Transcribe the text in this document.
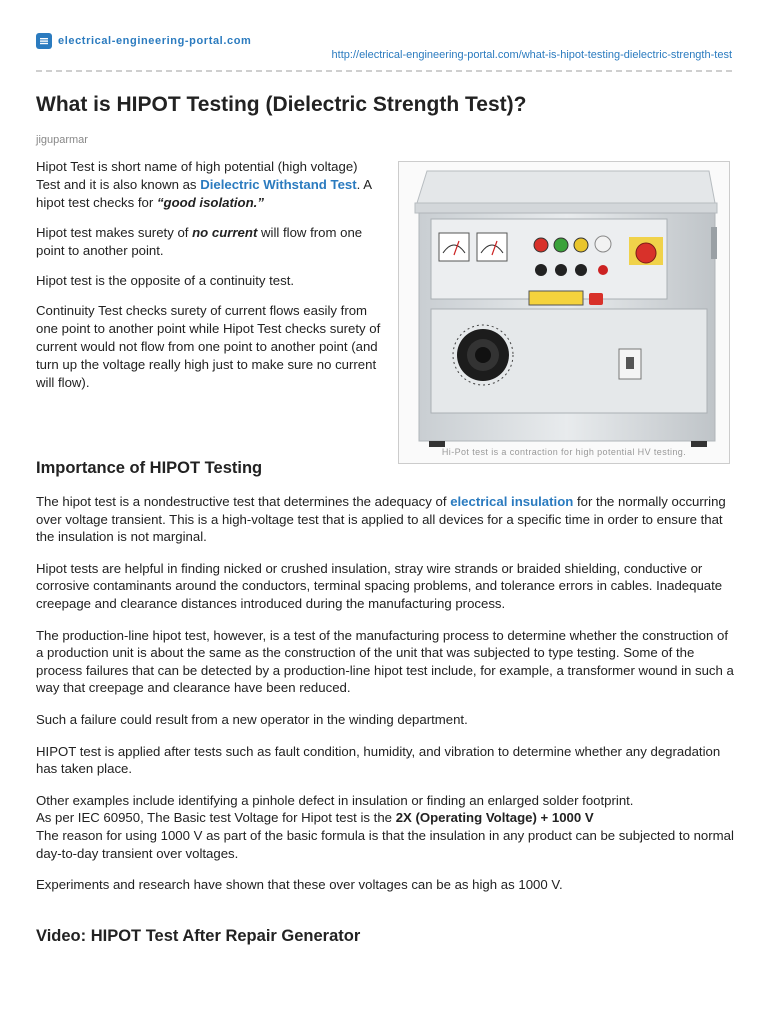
electrical-engineering-portal.com
http://electrical-engineering-portal.com/what-is-hipot-testing-dielectric-strength-test
What is HIPOT Testing (Dielectric Strength Test)?
jiguparmar

Hipot Test is short name of high potential (high voltage) Test and it is also known as Dielectric Withstand Test. A hipot test checks for “good isolation.”

Hipot test makes surety of no current will flow from one point to another point.

Hipot test is the opposite of a continuity test.

Continuity Test checks surety of current flows easily from one point to another point while Hipot Test checks surety of current would not flow from one point to another point (and turn up the voltage really high just to make sure no current will flow).

Hi-Pot test is a contraction for high potential HV testing.
Importance of HIPOT Testing

The hipot test is a nondestructive test that determines the adequacy of electrical insulation for the normally occurring over voltage transient. This is a high-voltage test that is applied to all devices for a specific time in order to ensure that the insulation is not marginal.

Hipot tests are helpful in finding nicked or crushed insulation, stray wire strands or braided shielding, conductive or corrosive contaminants around the conductors, terminal spacing problems, and tolerance errors in cables. Inadequate creepage and clearance distances introduced during the manufacturing process.

The production-line hipot test, however, is a test of the manufacturing process to determine whether the construction of a production unit is about the same as the construction of the unit that was subjected to type testing. Some of the process failures that can be detected by a production-line hipot test include, for example, a transformer wound in such a way that creepage and clearance have been reduced.

Such a failure could result from a new operator in the winding department.

HIPOT test is applied after tests such as fault condition, humidity, and vibration to determine whether any degradation has taken place.

Other examples include identifying a pinhole defect in insulation or finding an enlarged solder footprint.
As per IEC 60950, The Basic test Voltage for Hipot test is the 2X (Operating Voltage) + 1000 V
The reason for using 1000 V as part of the basic formula is that the insulation in any product can be subjected to normal day-to-day transient over voltages.

Experiments and research have shown that these over voltages can be as high as 1000 V.

Video: HIPOT Test After Repair Generator
